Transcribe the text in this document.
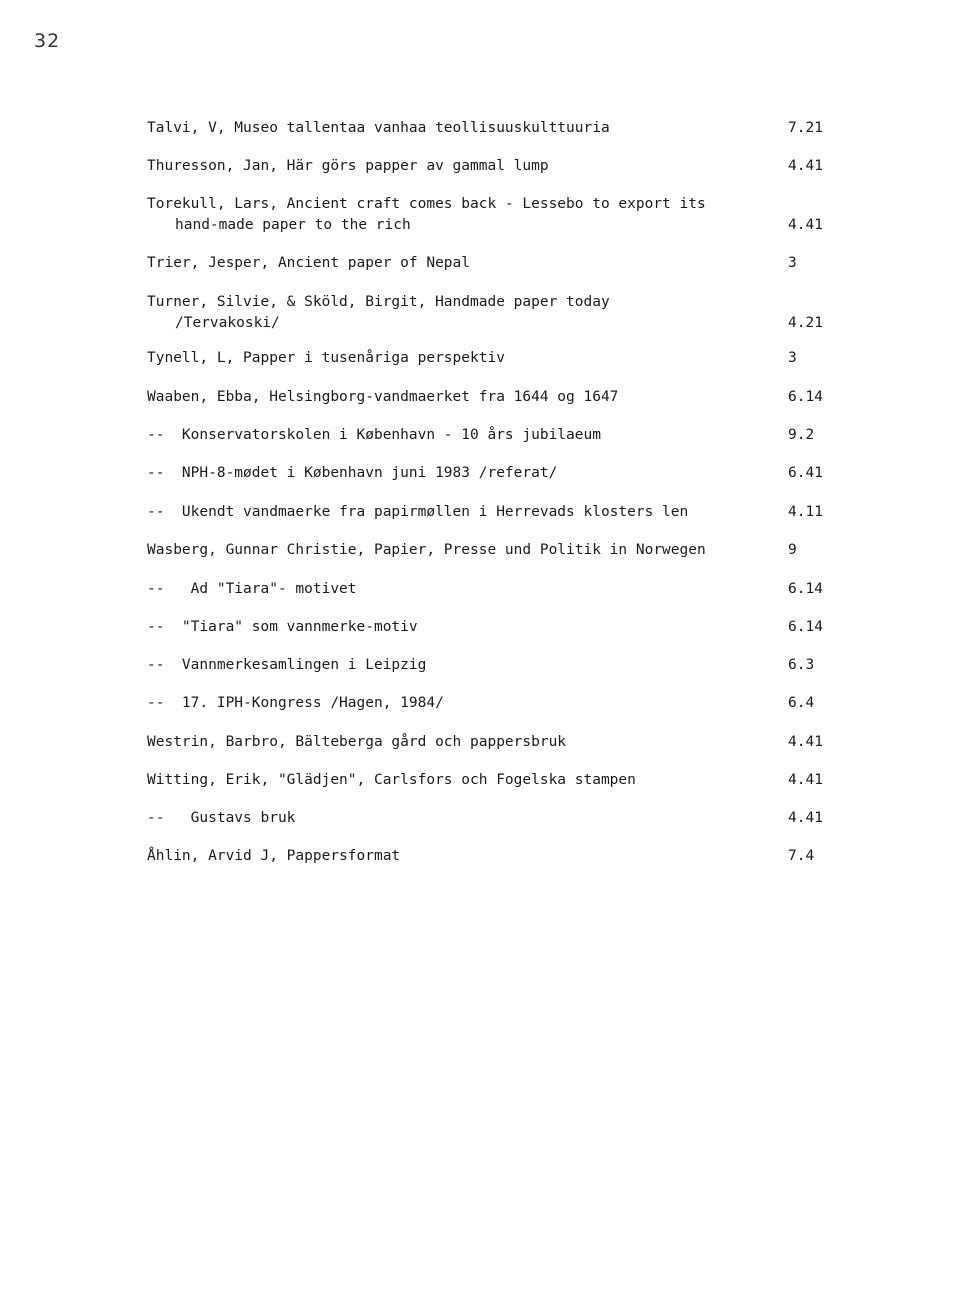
32
Talvi, V, Museo tallentaa vanhaa teollisuuskulttuuria	7.21
Thuresson, Jan, Här görs papper av gammal lump	4.41
Torekull, Lars, Ancient craft comes back - Lessebo to export its
hand-made paper to the rich	4.41
Trier, Jesper, Ancient paper of Nepal	3
Turner, Silvie, & Sköld, Birgit, Handmade paper today
/Tervakoski/	4.21
Tynell, L, Papper i tusenåriga perspektiv	3
Waaben, Ebba, Helsingborg-vandmaerket fra 1644 og 1647	6.14
--  Konservatorskolen i København - 10 års jubilaeum	9.2
--  NPH-8-mødet i København juni 1983 /referat/	6.41
--  Ukendt vandmaerke fra papirmøllen i Herrevads klosters len	4.11
Wasberg, Gunnar Christie, Papier, Presse und Politik in Norwegen	9
--   Ad "Tiara"- motivet	6.14
--  "Tiara" som vannmerke-motiv	6.14
--  Vannmerkesamlingen i Leipzig	6.3
--  17. IPH-Kongress /Hagen, 1984/	6.4
Westrin, Barbro, Bälteberga gård och pappersbruk	4.41
Witting, Erik, "Glädjen", Carlsfors och Fogelska stampen	4.41
--   Gustavs bruk	4.41
Åhlin, Arvid J, Pappersformat	7.4
